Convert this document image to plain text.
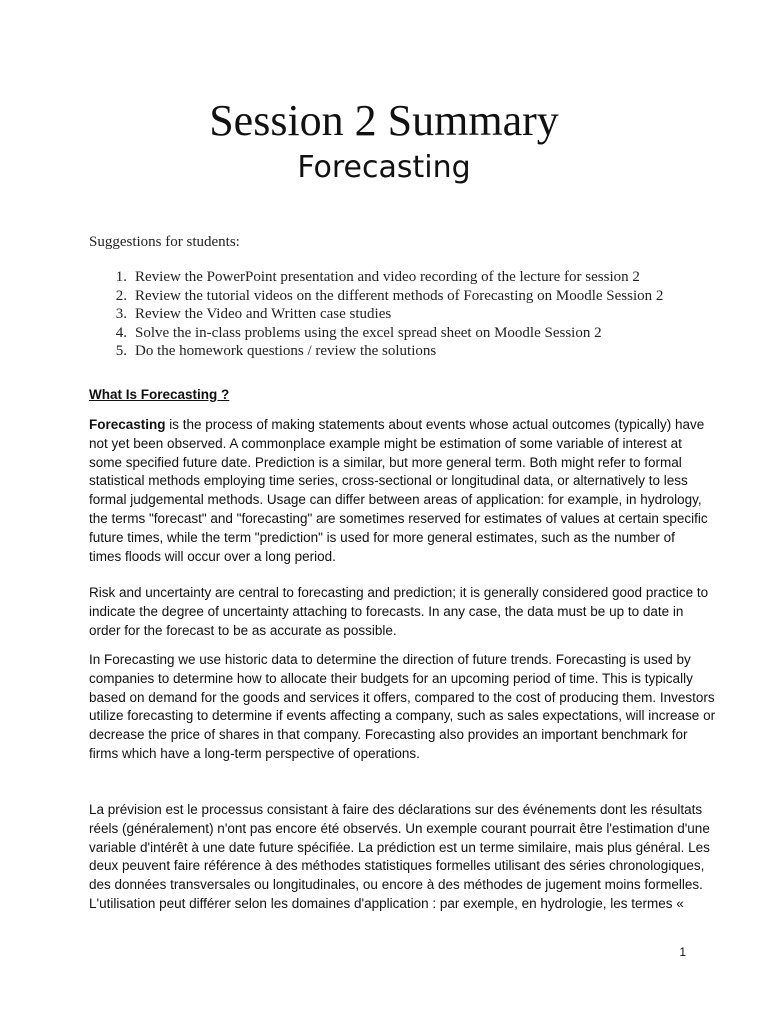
Session 2 Summary
Forecasting
Suggestions for students:
1. Review the PowerPoint presentation and video recording of the lecture for session 2
2. Review the tutorial videos on the different methods of Forecasting on Moodle Session 2
3. Review the Video and Written case studies
4. Solve the in-class problems using the excel spread sheet on Moodle Session 2
5. Do the homework questions / review the solutions
What Is Forecasting ?
Forecasting is the process of making statements about events whose actual outcomes (typically) have
not yet been observed. A commonplace example might be estimation of some variable of interest at
some specified future date. Prediction is a similar, but more general term. Both might refer to formal
statistical methods employing time series, cross-sectional or longitudinal data, or alternatively to less
formal judgemental methods. Usage can differ between areas of application: for example, in hydrology,
the terms "forecast" and "forecasting" are sometimes reserved for estimates of values at certain specific
future times, while the term "prediction" is used for more general estimates, such as the number of
times floods will occur over a long period.
Risk and uncertainty are central to forecasting and prediction; it is generally considered good practice to
indicate the degree of uncertainty attaching to forecasts. In any case, the data must be up to date in
order for the forecast to be as accurate as possible.
In Forecasting we use historic data to determine the direction of future trends. Forecasting is used by
companies to determine how to allocate their budgets for an upcoming period of time. This is typically
based on demand for the goods and services it offers, compared to the cost of producing them. Investors
utilize forecasting to determine if events affecting a company, such as sales expectations, will increase or
decrease the price of shares in that company. Forecasting also provides an important benchmark for
firms which have a long-term perspective of operations.
La prévision est le processus consistant à faire des déclarations sur des événements dont les résultats
réels (généralement) n'ont pas encore été observés. Un exemple courant pourrait être l'estimation d'une
variable d'intérêt à une date future spécifiée. La prédiction est un terme similaire, mais plus général. Les
deux peuvent faire référence à des méthodes statistiques formelles utilisant des séries chronologiques,
des données transversales ou longitudinales, ou encore à des méthodes de jugement moins formelles.
L'utilisation peut différer selon les domaines d'application : par exemple, en hydrologie, les termes «
1
